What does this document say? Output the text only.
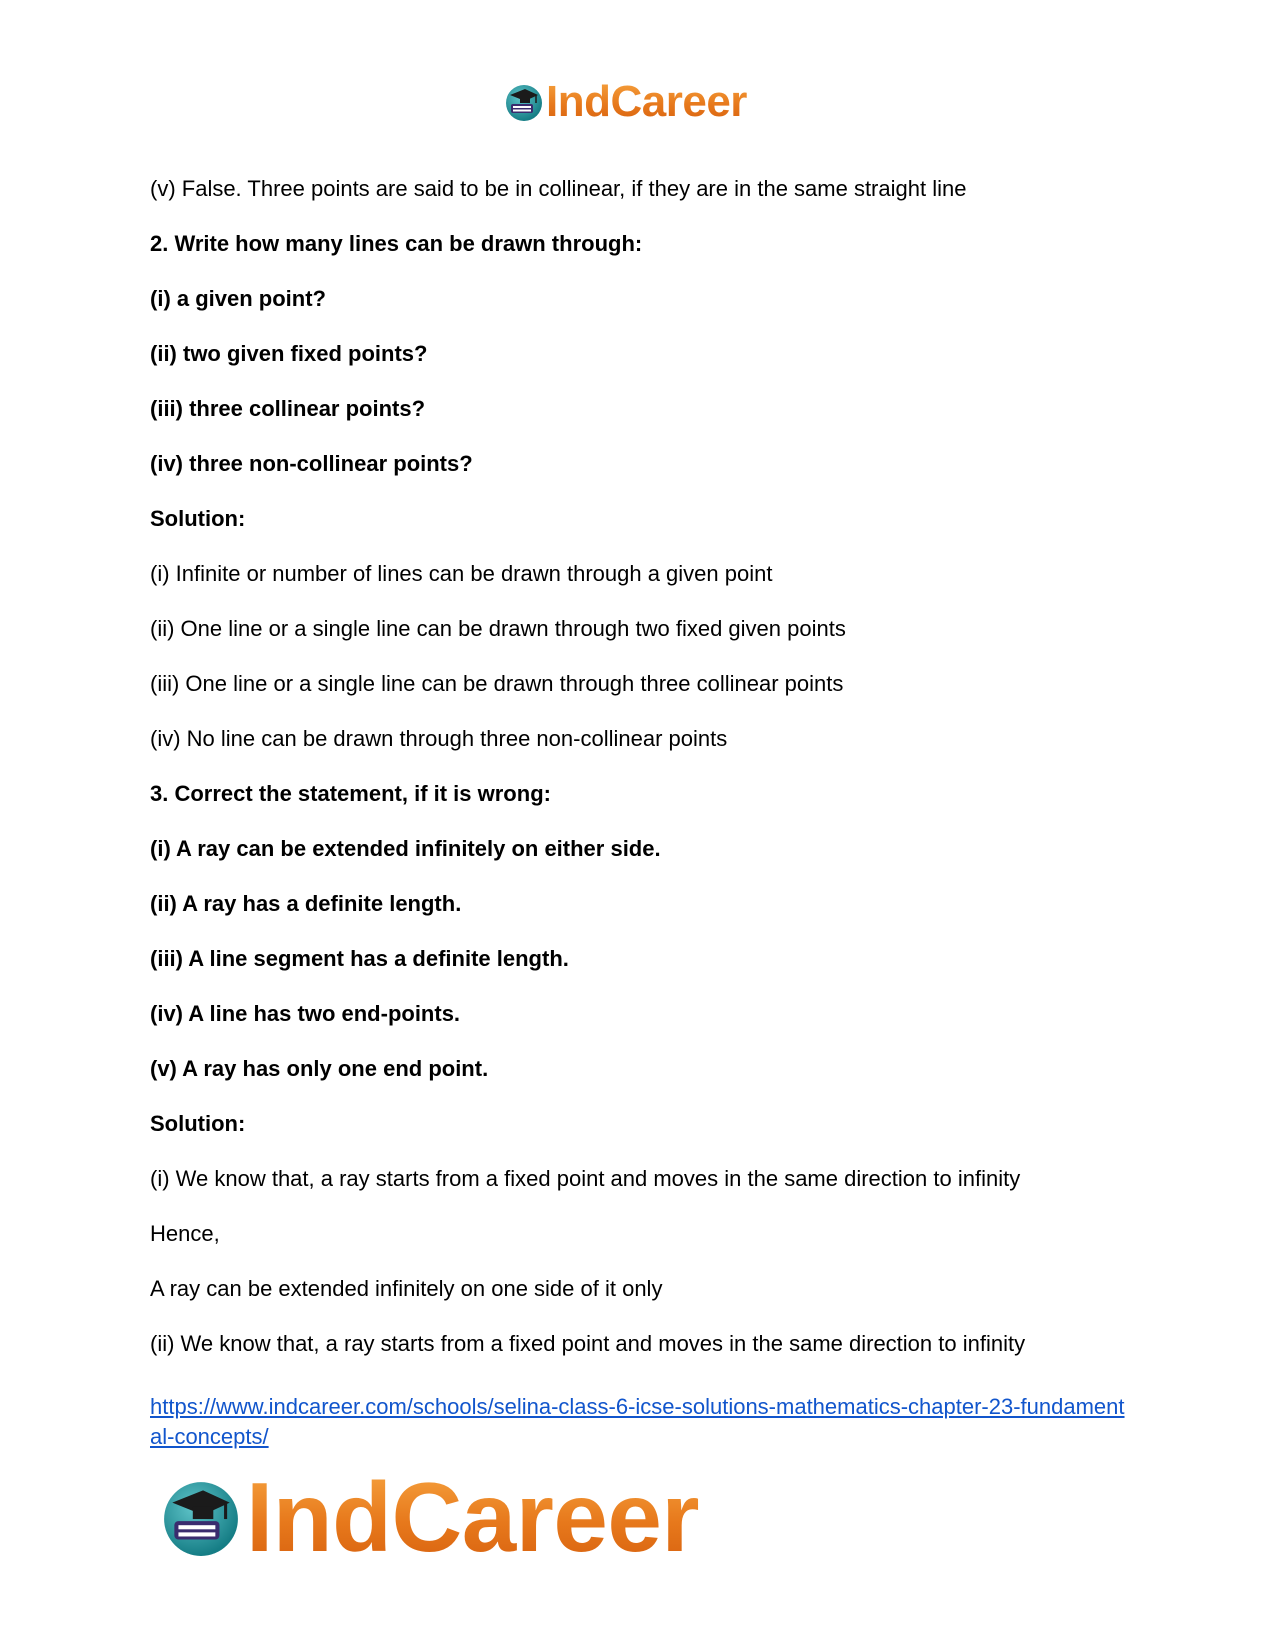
IndCareer
(v) False. Three points are said to be in collinear, if they are in the same straight line
2. Write how many lines can be drawn through:
(i) a given point?
(ii) two given fixed points?
(iii) three collinear points?
(iv) three non-collinear points?
Solution:
(i) Infinite or number of lines can be drawn through a given point
(ii) One line or a single line can be drawn through two fixed given points
(iii) One line or a single line can be drawn through three collinear points
(iv) No line can be drawn through three non-collinear points
3. Correct the statement, if it is wrong:
(i) A ray can be extended infinitely on either side.
(ii) A ray has a definite length.
(iii) A line segment has a definite length.
(iv) A line has two end-points.
(v) A ray has only one end point.
Solution:
(i) We know that, a ray starts from a fixed point and moves in the same direction to infinity
Hence,
A ray can be extended infinitely on one side of it only
(ii) We know that, a ray starts from a fixed point and moves in the same direction to infinity
https://www.indcareer.com/schools/selina-class-6-icse-solutions-mathematics-chapter-23-fundamental-concepts/
IndCareer
